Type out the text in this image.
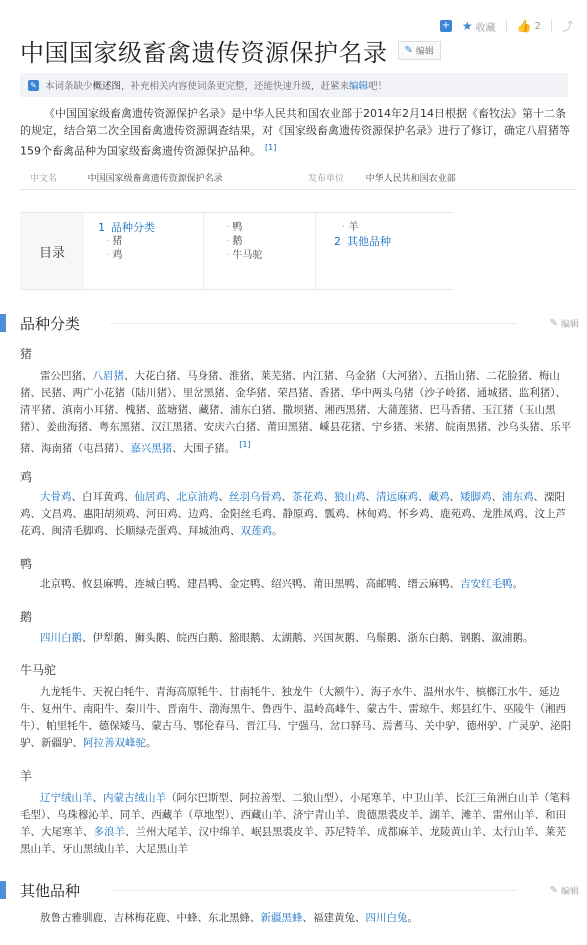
+ ★ 收藏 👍 2 ⤴
中国国家级畜禽遗传资源保护名录 ✎ 编辑
✎ 本词条缺少概述图，补充相关内容使词条更完整，还能快速升级，赶紧来编辑吧！

《中国国家级畜禽遗传资源保护名录》是中华人民共和国农业部于2014年2月14日根据《畜牧法》第十二条的规定，结合第二次全国畜禽遗传资源调查结果，对《国家级畜禽遗传资源保护名录》进行了修订，确定八眉猪等159个畜禽品种为国家级畜禽遗传资源保护品种。 [1]

中文名	中国国家级畜禽遗传资源保护名录	发布单位	中华人民共和国农业部
目录
1 品种分类
· 猪
· 鸡
· 鸭
· 鹅
· 牛马驼
· 羊
2 其他品种
品种分类	✎ 编辑
猪

雷公凹猪、八眉猪、大花白猪、马身猪、淮猪、莱芜猪、内江猪、乌金猪（大河猪）、五指山猪、二花脸猪、梅山猪、民猪、两广小花猪（陆川猪）、里岔黑猪、金华猪、荣昌猪、香猪、华中两头乌猪（沙子岭猪、通城猪、监利猪）、清平猪、滇南小耳猪、槐猪、蓝塘猪、藏猪、浦东白猪、撒坝猪、湘西黑猪、大蒲莲猪、巴马香猪、玉江猪（玉山黑猪）、姜曲海猪、粤东黑猪、汉江黑猪、安庆六白猪、莆田黑猪、嵊县花猪、宁乡猪、米猪、皖南黑猪、沙乌头猪、乐平猪、海南猪（屯昌猪）、嘉兴黑猪、大围子猪。 [1]

鸡

大骨鸡、白耳黄鸡、仙居鸡、北京油鸡、丝羽乌骨鸡、茶花鸡、狼山鸡、清远麻鸡、藏鸡、矮脚鸡、浦东鸡、溧阳鸡、文昌鸡、惠阳胡须鸡、河田鸡、边鸡、金阳丝毛鸡、静原鸡、瓢鸡、林甸鸡、怀乡鸡、鹿苑鸡、龙胜凤鸡、汶上芦花鸡、闽清毛脚鸡、长顺绿壳蛋鸡、拜城油鸡、双莲鸡。

鸭

北京鸭、攸县麻鸭、连城白鸭、建昌鸭、金定鸭、绍兴鸭、莆田黑鸭、高邮鸭、缙云麻鸭、吉安红毛鸭。

鹅

四川白鹅、伊犁鹅、狮头鹅、皖西白鹅、豁眼鹅、太湖鹅、兴国灰鹅、乌鬃鹅、浙东白鹅、钢鹅、溆浦鹅。

牛马驼

九龙牦牛、天祝白牦牛、青海高原牦牛、甘南牦牛、独龙牛（大额牛）、海子水牛、温州水牛、槟榔江水牛、延边牛、复州牛、南阳牛、秦川牛、晋南牛、渤海黑牛、鲁西牛、温岭高峰牛、蒙古牛、雷琼牛、郏县红牛、巫陵牛（湘西牛）、帕里牦牛、德保矮马、蒙古马、鄂伦春马、晋江马、宁强马、岔口驿马、焉耆马、关中驴、德州驴、广灵驴、泌阳驴、新疆驴、阿拉善双峰驼。

羊

辽宁绒山羊、内蒙古绒山羊（阿尔巴斯型、阿拉善型、二狼山型）、小尾寒羊、中卫山羊、长江三角洲白山羊（笔料毛型）、乌珠穆沁羊、同羊、西藏羊（草地型）、西藏山羊、济宁青山羊、贵德黑裘皮羊、湖羊、滩羊、雷州山羊、和田羊、大尾寒羊、多浪羊、兰州大尾羊、汉中绵羊、岷县黑裘皮羊、苏尼特羊、成都麻羊、龙陵黄山羊、太行山羊、莱芜黑山羊、牙山黑绒山羊、大足黑山羊

其他品种	✎ 编辑

敖鲁古雅驯鹿、吉林梅花鹿、中蜂、东北黑蜂、新疆黑蜂、福建黄兔、四川白兔。
